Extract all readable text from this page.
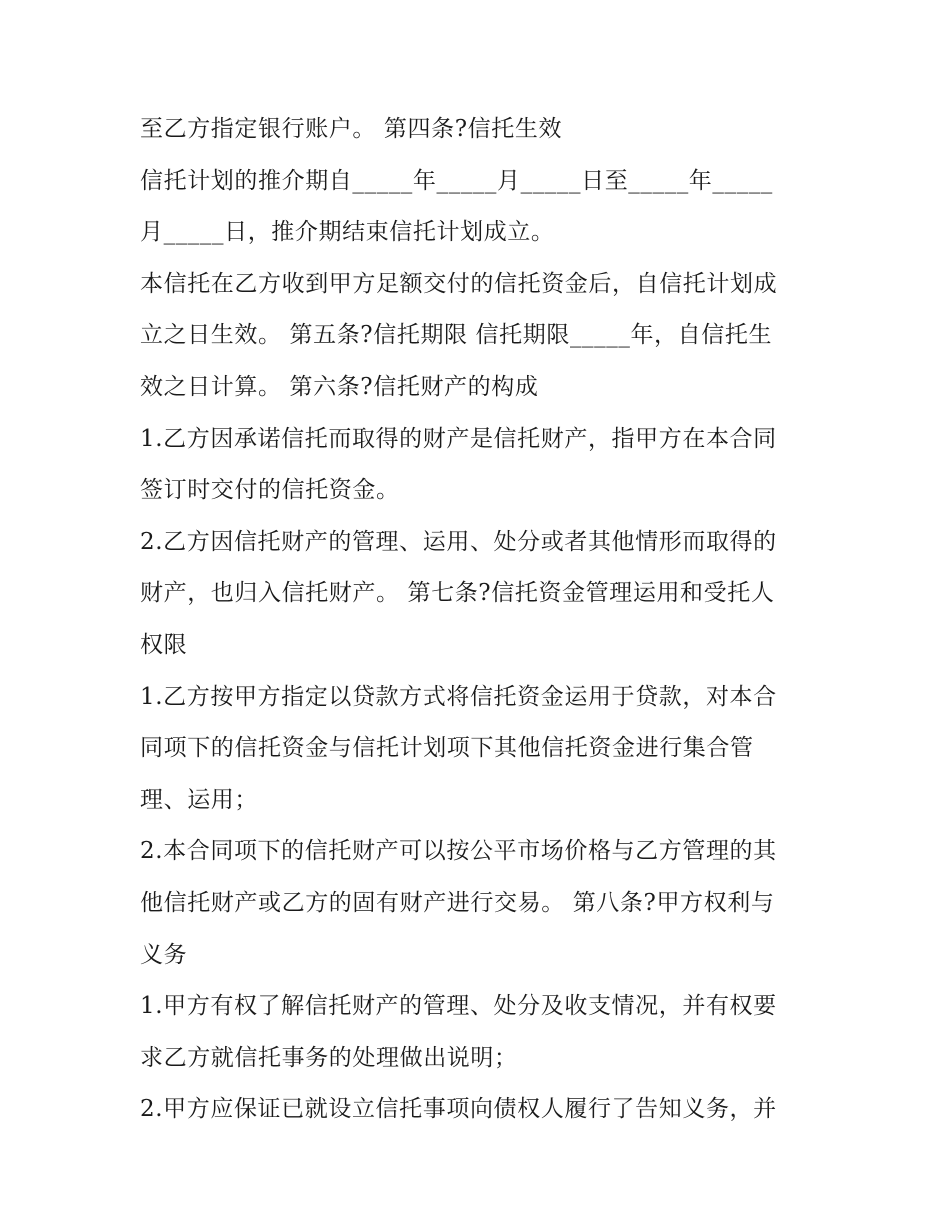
至乙方指定银行账户。 第四条?信托生效
信托计划的推介期自_____年_____月_____日至_____年_____
月_____日，推介期结束信托计划成立。
本信托在乙方收到甲方足额交付的信托资金后，自信托计划成
立之日生效。 第五条?信托期限 信托期限_____年，自信托生
效之日计算。 第六条?信托财产的构成
1.乙方因承诺信托而取得的财产是信托财产，指甲方在本合同
签订时交付的信托资金。
2.乙方因信托财产的管理、运用、处分或者其他情形而取得的
财产，也归入信托财产。 第七条?信托资金管理运用和受托人
权限
1.乙方按甲方指定以贷款方式将信托资金运用于贷款，对本合
同项下的信托资金与信托计划项下其他信托资金进行集合管
理、运用；
2.本合同项下的信托财产可以按公平市场价格与乙方管理的其
他信托财产或乙方的固有财产进行交易。 第八条?甲方权利与
义务
1.甲方有权了解信托财产的管理、处分及收支情况，并有权要
求乙方就信托事务的处理做出说明；
2.甲方应保证已就设立信托事项向债权人履行了告知义务，并
